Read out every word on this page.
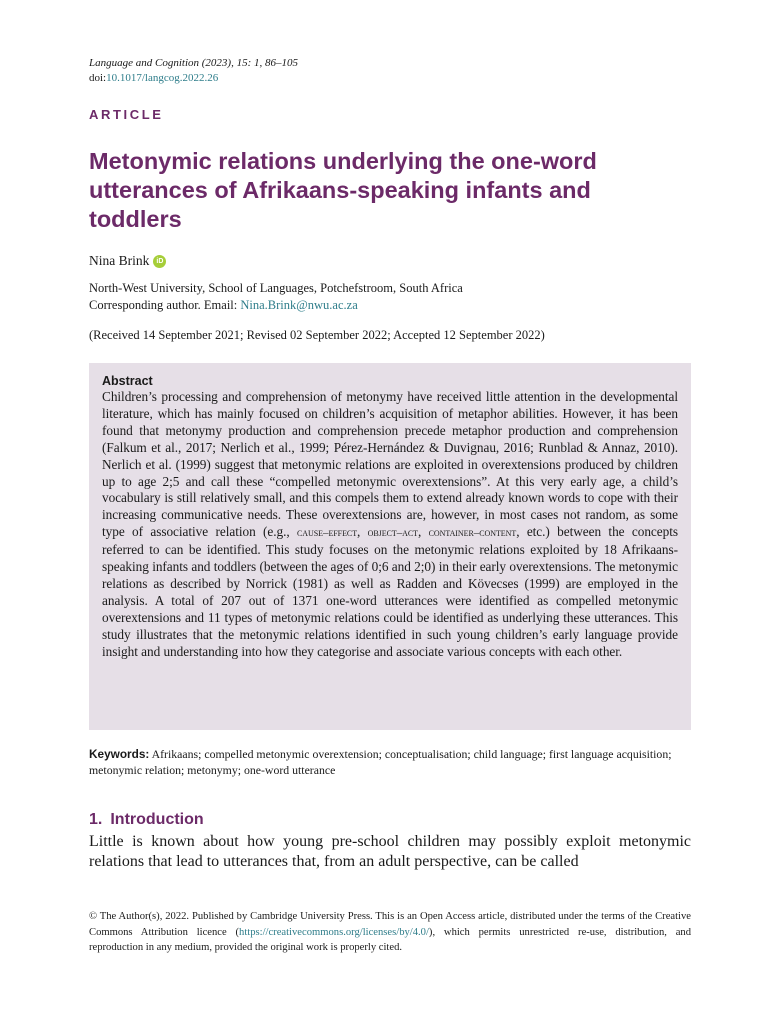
Language and Cognition (2023), 15: 1, 86–105
doi:10.1017/langcog.2022.26
ARTICLE
Metonymic relations underlying the one-word utterances of Afrikaans-speaking infants and toddlers
Nina Brink	iD
North-West University, School of Languages, Potchefstroom, South Africa
Corresponding author. Email: Nina.Brink@nwu.ac.za
(Received 14 September 2021; Revised 02 September 2022; Accepted 12 September 2022)

Abstract

Children’s processing and comprehension of metonymy have received little attention in the developmental literature, which has mainly focused on children’s acquisition of metaphor abilities. However, it has been found that metonymy production and comprehension precede metaphor production and comprehension (Falkum et al., 2017; Nerlich et al., 1999; Pérez-Hernández & Duvignau, 2016; Runblad & Annaz, 2010). Nerlich et al. (1999) suggest that metonymic relations are exploited in overextensions produced by children up to age 2;5 and call these “compelled metonymic overextensions”. At this very early age, a child’s vocabulary is still relatively small, and this compels them to extend already known words to cope with their increasing communicative needs. These overextensions are, however, in most cases not random, as some type of associative relation (e.g., cause–effect, object–act, container–content, etc.) between the concepts referred to can be identified. This study focuses on the metonymic relations exploited by 18 Afrikaans-speaking infants and toddlers (between the ages of 0;6 and 2;0) in their early overextensions. The metonymic relations as described by Norrick (1981) as well as Radden and Kövecses (1999) are employed in the analysis. A total of 207 out of 1371 one-word utterances were identified as compelled metonymic overextensions and 11 types of metonymic relations could be identified as underlying these utterances. This study illustrates that the metonymic relations identified in such young children’s early language provide insight and understanding into how they categorise and associate various concepts with each other.

Keywords: Afrikaans; compelled metonymic overextension; conceptualisation; child language; first language acquisition; metonymic relation; metonymy; one-word utterance
1. Introduction
Little is known about how young pre-school children may possibly exploit metonymic relations that lead to utterances that, from an adult perspective, can be called
© The Author(s), 2022. Published by Cambridge University Press. This is an Open Access article, distributed under the terms of the Creative Commons Attribution licence (https://creativecommons.org/licenses/by/4.0/), which permits unrestricted re-use, distribution, and reproduction in any medium, provided the original work is properly cited.
